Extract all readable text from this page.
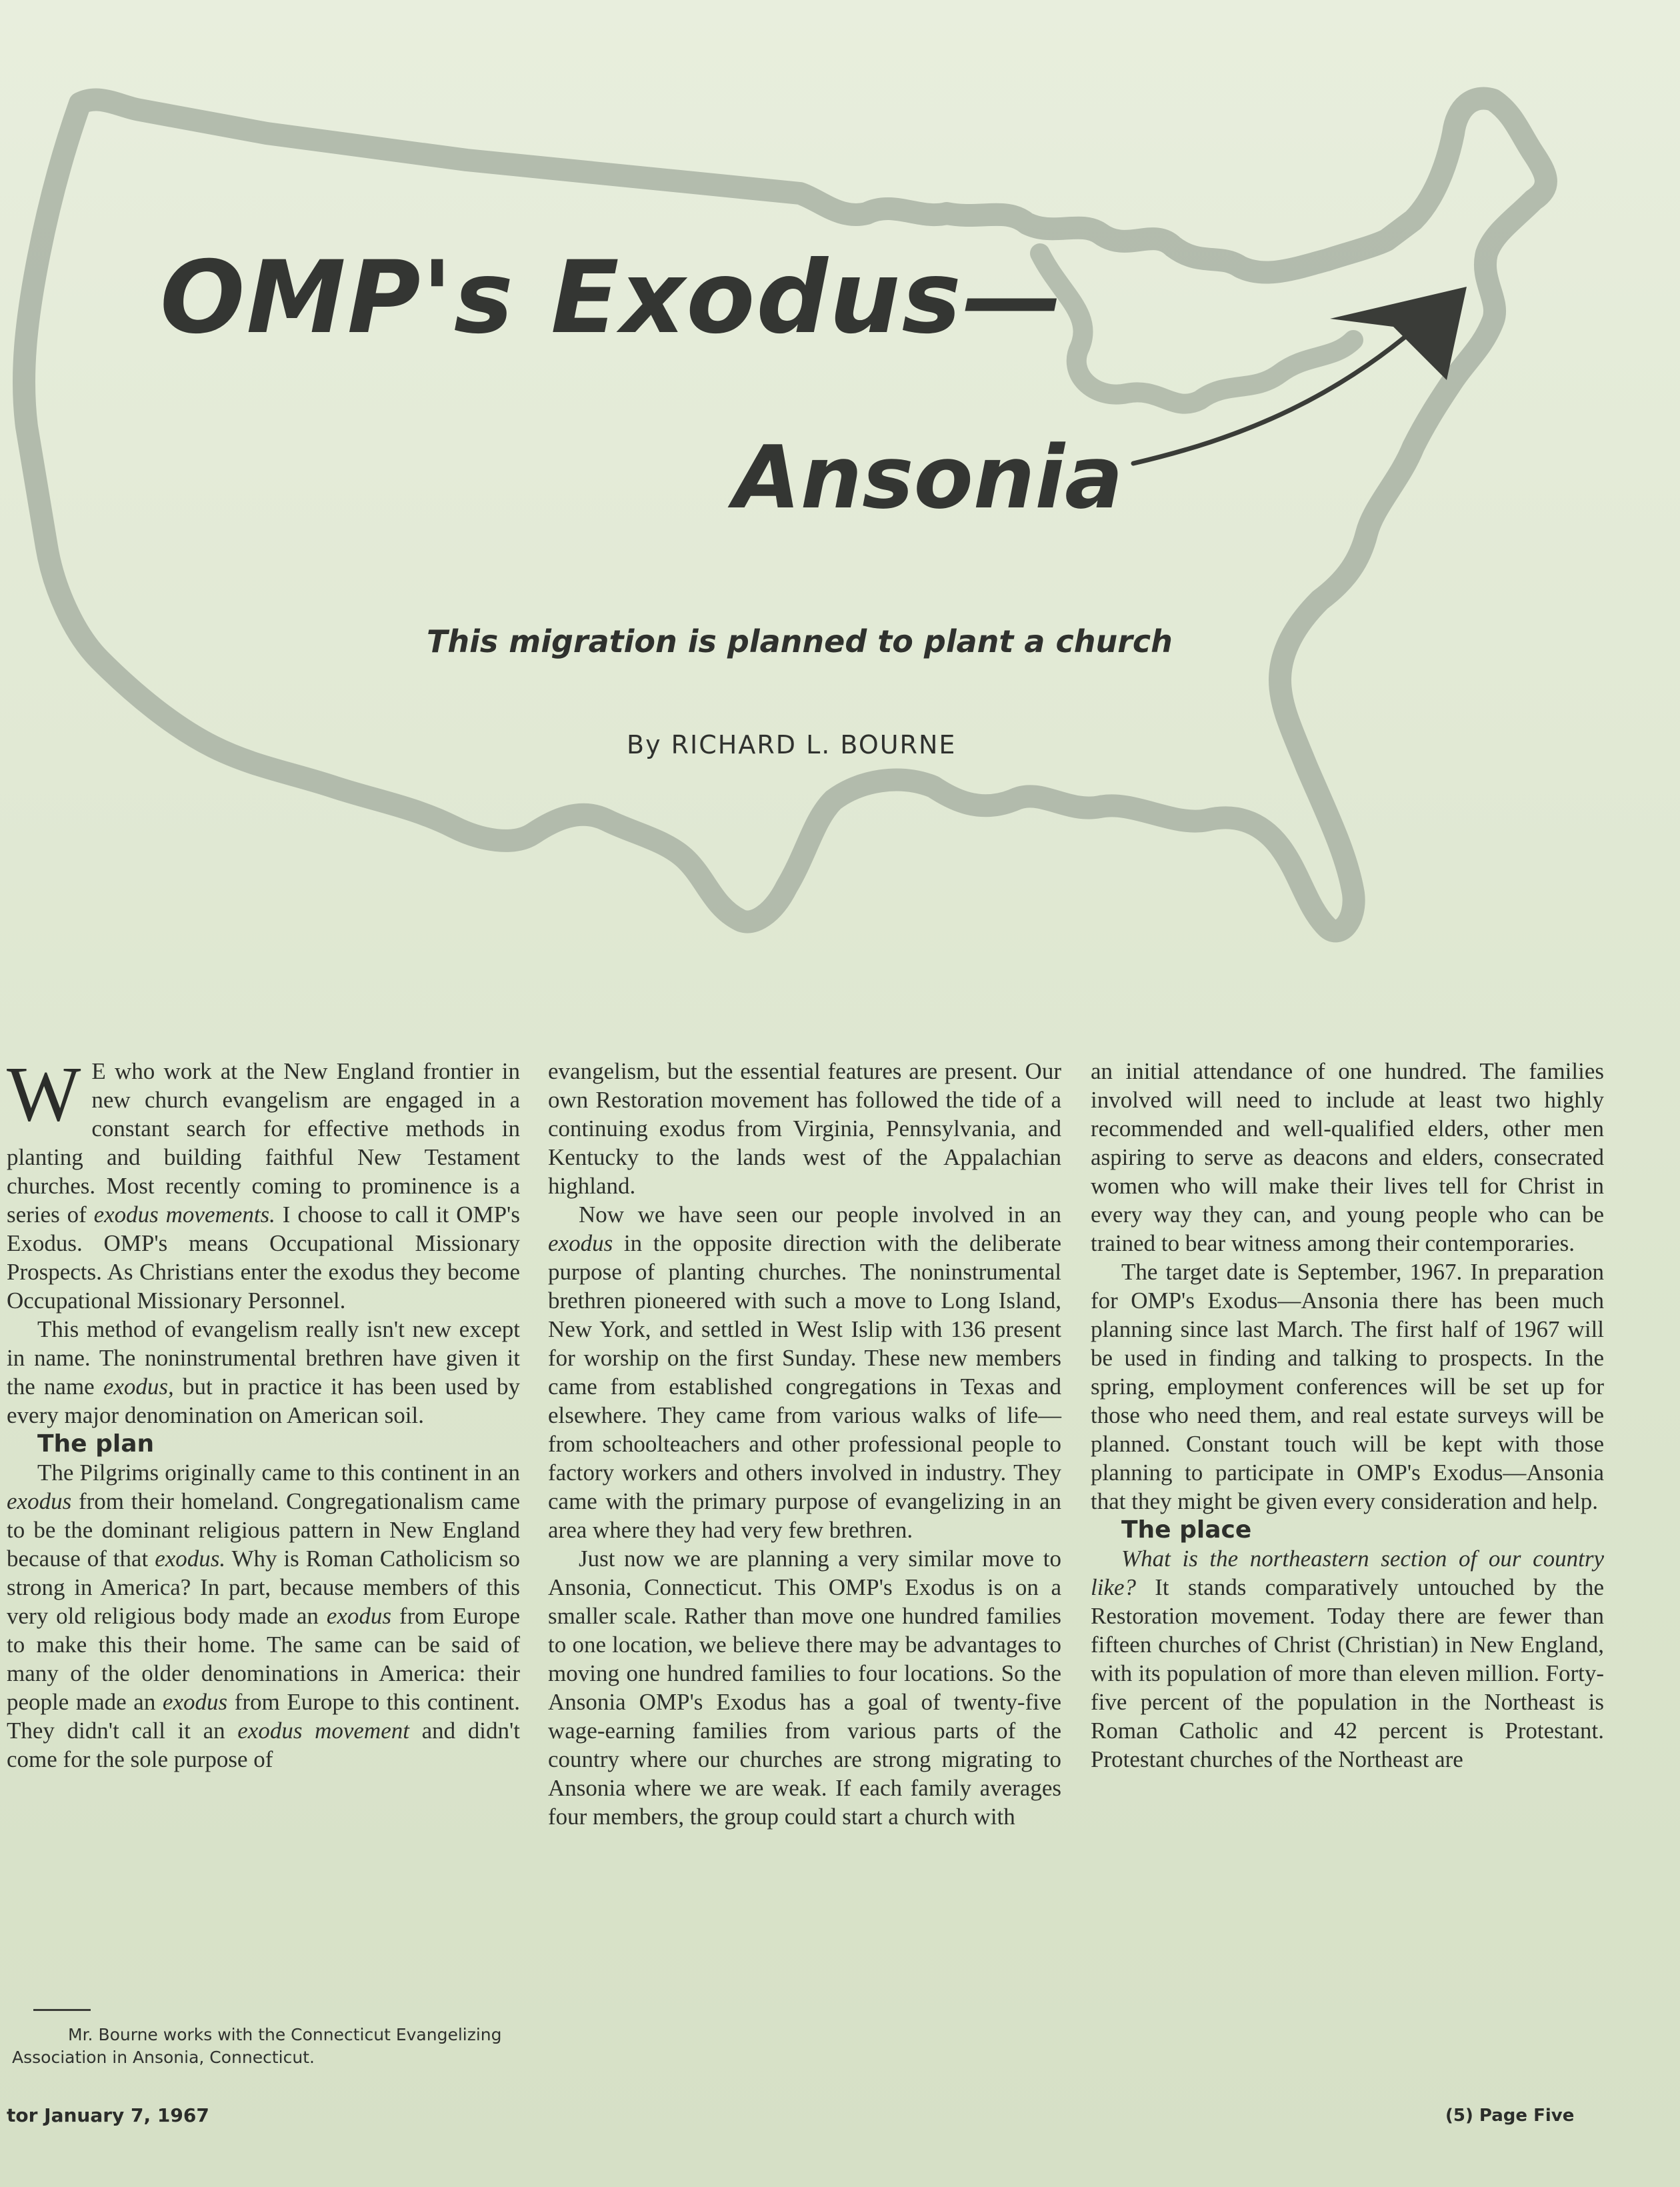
OMP's Exodus—
Ansonia
This migration is planned to plant a church
By RICHARD L. BOURNE

W E who work at the New England frontier in new church evangelism are engaged in a constant search for effective methods in planting and building faithful New Testament churches. Most recently coming to prominence is a series of exodus movements. I choose to call it OMP's Exodus. OMP's means Occupational Missionary Prospects. As Christians enter the exodus they become Occupational Missionary Personnel.

This method of evangelism really isn't new except in name. The noninstrumental brethren have given it the name exodus, but in practice it has been used by every major denomination on American soil.

The plan

The Pilgrims originally came to this continent in an exodus from their homeland. Congregationalism came to be the dominant religious pattern in New England because of that exodus. Why is Roman Catholicism so strong in America? In part, because members of this very old religious body made an exodus from Europe to make this their home. The same can be said of many of the older denominations in America: their people made an exodus from Europe to this continent. They didn't call it an exodus movement and didn't come for the sole purpose of

evangelism, but the essential features are present. Our own Restoration movement has followed the tide of a continuing exodus from Virginia, Pennsylvania, and Kentucky to the lands west of the Appalachian highland.

Now we have seen our people involved in an exodus in the opposite direction with the deliberate purpose of planting churches. The noninstrumental brethren pioneered with such a move to Long Island, New York, and settled in West Islip with 136 present for worship on the first Sunday. These new members came from established congregations in Texas and elsewhere. They came from various walks of life—from schoolteachers and other professional people to factory workers and others involved in industry. They came with the primary purpose of evangelizing in an area where they had very few brethren.

Just now we are planning a very similar move to Ansonia, Connecticut. This OMP's Exodus is on a smaller scale. Rather than move one hundred families to one location, we believe there may be advantages to moving one hundred families to four locations. So the Ansonia OMP's Exodus has a goal of twenty-five wage-earning families from various parts of the country where our churches are strong migrating to Ansonia where we are weak. If each family averages four members, the group could start a church with

an initial attendance of one hundred. The families involved will need to include at least two highly recommended and well-qualified elders, other men aspiring to serve as deacons and elders, consecrated women who will make their lives tell for Christ in every way they can, and young people who can be trained to bear witness among their contemporaries.

The target date is September, 1967. In preparation for OMP's Exodus—Ansonia there has been much planning since last March. The first half of 1967 will be used in finding and talking to prospects. In the spring, employment conferences will be set up for those who need them, and real estate surveys will be planned. Constant touch will be kept with those planning to participate in OMP's Exodus—Ansonia that they might be given every consideration and help.

The place

What is the northeastern section of our country like? It stands comparatively untouched by the Restoration movement. Today there are fewer than fifteen churches of Christ (Christian) in New England, with its population of more than eleven million. Forty-five percent of the population in the Northeast is Roman Catholic and 42 percent is Protestant. Protestant churches of the Northeast are

Mr. Bourne works with the Connecticut Evangelizing Association in Ansonia, Connecticut.
tor January 7, 1967	(5) Page Five
